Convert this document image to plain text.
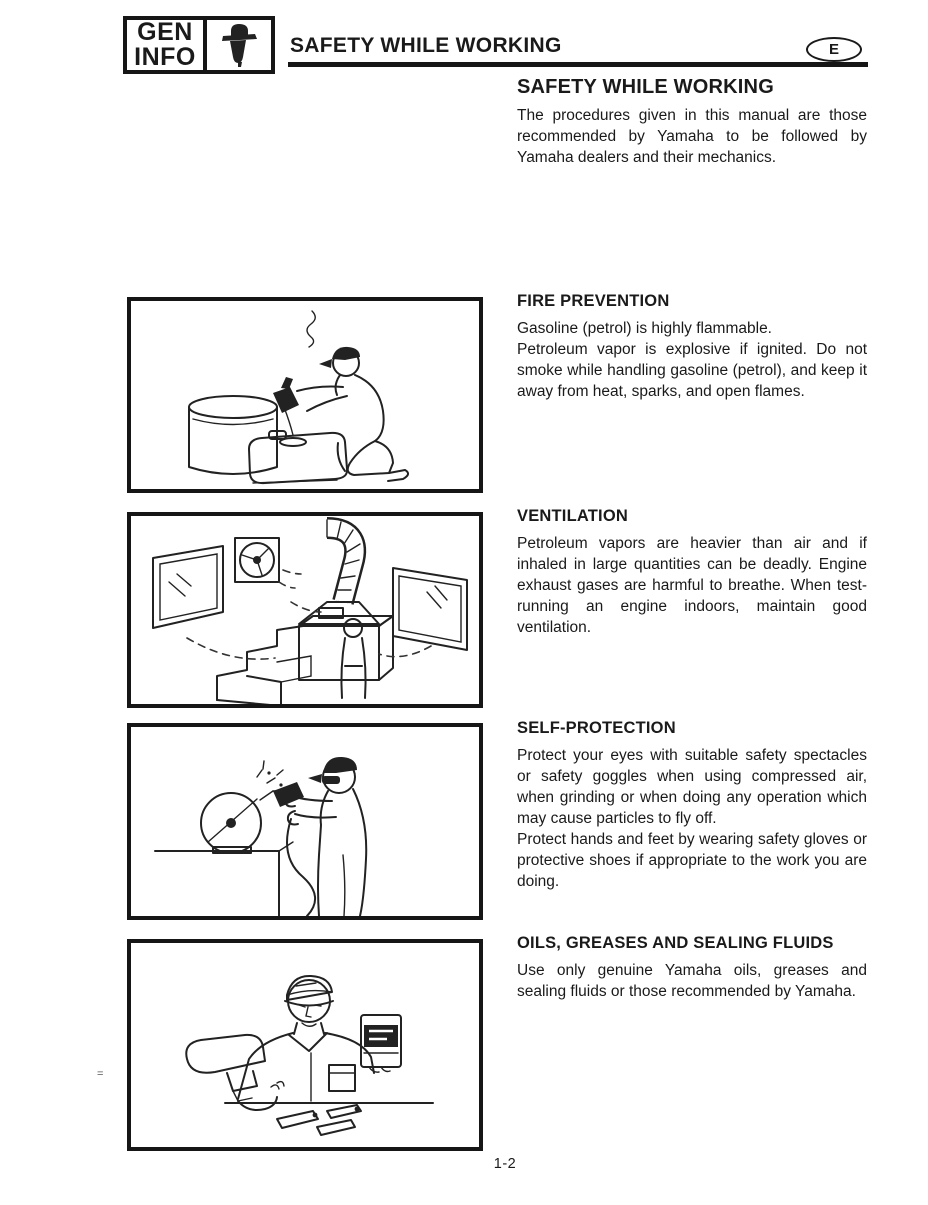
GEN
INFO	SAFETY WHILE WORKING	E
SAFETY WHILE WORKING

The procedures given in this manual are those recommended by Yamaha to be followed by Yamaha dealers and their mechanics.

FIRE PREVENTION

Gasoline (petrol) is highly flammable.

Petroleum vapor is explosive if ignited. Do not smoke while handling gasoline (petrol), and keep it away from heat, sparks, and open flames.

VENTILATION

Petroleum vapors are heavier than air and if inhaled in large quantities can be deadly. Engine exhaust gases are harmful to breathe. When test-running an engine indoors, maintain good ventilation.

SELF-PROTECTION

Protect your eyes with suitable safety spectacles or safety goggles when using compressed air, when grinding or when doing any operation which may cause particles to fly off.

Protect hands and feet by wearing safety gloves or protective shoes if appropriate to the work you are doing.

OILS, GREASES AND SEALING FLUIDS

Use only genuine Yamaha oils, greases and sealing fluids or those recommended by Yamaha.

=
1-2
